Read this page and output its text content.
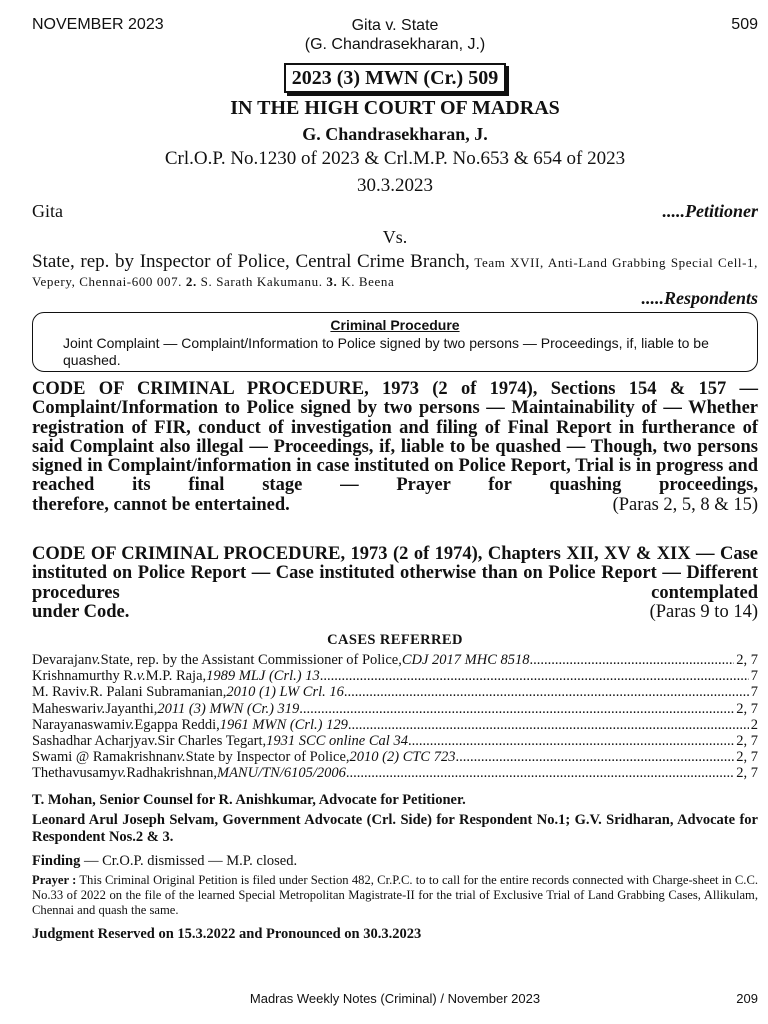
NOVEMBER 2023	Gita v. State
(G. Chandrasekharan, J.)
509
2023 (3) MWN (Cr.) 509
IN THE HIGH COURT OF MADRAS
G. Chandrasekharan, J.
Crl.O.P. No.1230 of 2023 & Crl.M.P. No.653 & 654 of 2023
30.3.2023
Gita	.....Petitioner
Vs.
State, rep. by Inspector of Police, Central Crime Branch, Team XVII, Anti-Land Grabbing Special Cell-1, Vepery, Chennai-600 007. 2. S. Sarath Kakumanu. 3. K. Beena
.....Respondents
Criminal Procedure
Joint Complaint — Complaint/Information to Police signed by two persons — Proceedings, if, liable to be quashed.
CODE OF CRIMINAL PROCEDURE, 1973 (2 of 1974), Sections 154 & 157 — Complaint/Information to Police signed by two persons — Maintainability of — Whether registration of FIR, conduct of investigation and filing of Final Report in furtherance of said Complaint also illegal — Proceedings, if, liable to be quashed — Though, two persons signed in Complaint/information in case instituted on Police Report, Trial is in progress and reached its final stage — Prayer for quashing proceedings,
therefore, cannot be entertained.	(Paras 2, 5, 8 & 15)
CODE OF CRIMINAL PROCEDURE, 1973 (2 of 1974), Chapters XII, XV & XIX — Case instituted on Police Report — Case instituted otherwise than on Police Report — Different procedures contemplated
under Code.	(Paras 9 to 14)
CASES REFERRED
Devarajan v. State, rep. by the Assistant Commissioner of Police, CDJ 2017 MHC 8518 .....	2, 7
Krishnamurthy R. v. M.P. Raja, 1989 MLJ (Crl.) 13 .....	7
M. Ravi v. R. Palani Subramanian, 2010 (1) LW Crl. 16 .....	7
Maheswari v. Jayanthi, 2011 (3) MWN (Cr.) 319 .....	2, 7
Narayanaswami v. Egappa Reddi, 1961 MWN (Crl.) 129 .....	2
Sashadhar Acharjya v. Sir Charles Tegart, 1931 SCC online Cal 34 .....	2, 7
Swami @ Ramakrishnan v. State by Inspector of Police, 2010 (2) CTC 723 .....	2, 7
Thethavusamy v. Radhakrishnan, MANU/TN/6105/2006 .....	2, 7
T. Mohan, Senior Counsel for R. Anishkumar, Advocate for Petitioner.
Leonard Arul Joseph Selvam, Government Advocate (Crl. Side) for Respondent No.1; G.V. Sridharan, Advocate for Respondent Nos.2 & 3.
Finding — Cr.O.P. dismissed — M.P. closed.
Prayer : This Criminal Original Petition is filed under Section 482, Cr.P.C. to to call for the entire records connected with Charge-sheet in C.C. No.33 of 2022 on the file of the learned Special Metropolitan Magistrate-II for the trial of Exclusive Trial of Land Grabbing Cases, Allikulam, Chennai and quash the same.
Judgment Reserved on 15.3.2022 and Pronounced on 30.3.2023
Madras Weekly Notes (Criminal) / November 2023	209
